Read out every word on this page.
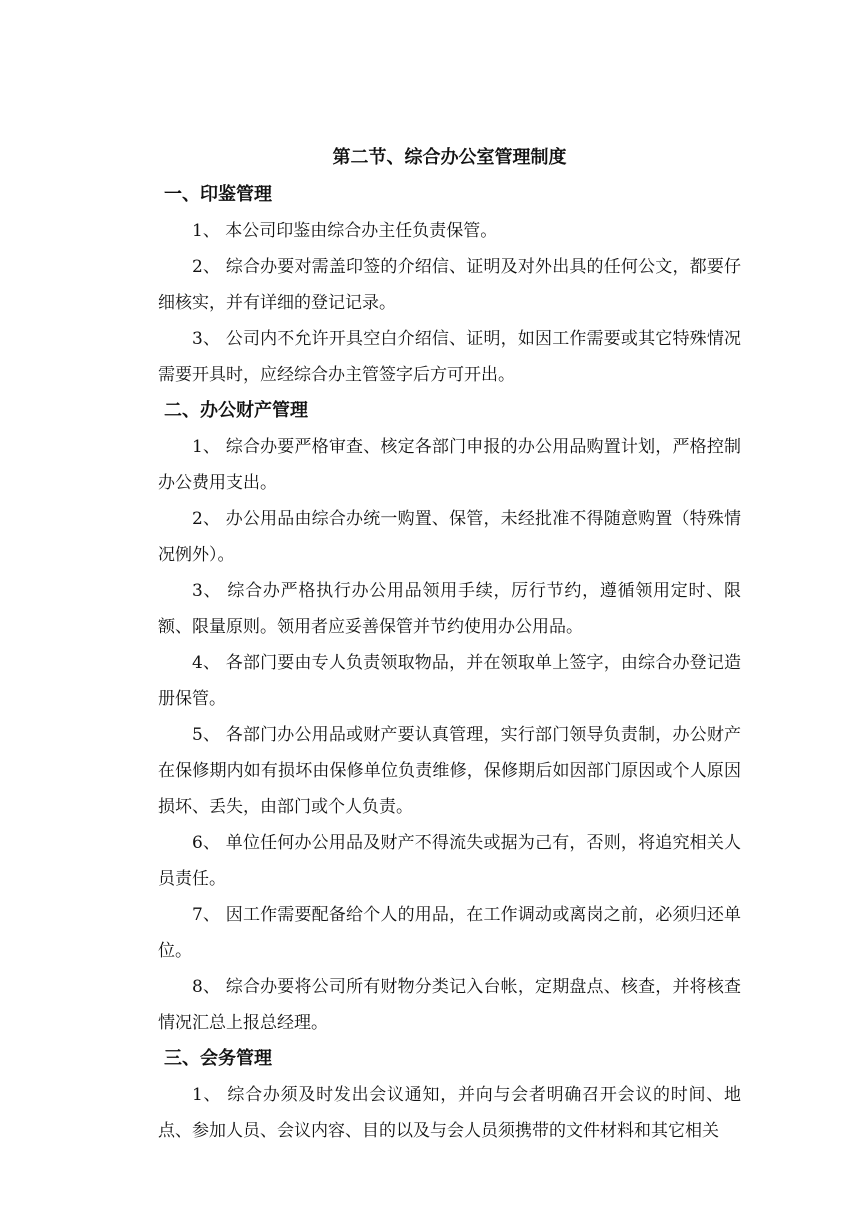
第二节、综合办公室管理制度
一、印鉴管理

1、 本公司印鉴由综合办主任负责保管。

2、 综合办要对需盖印签的介绍信、证明及对外出具的任何公文，都要仔细核实，并有详细的登记记录。

3、 公司内不允许开具空白介绍信、证明，如因工作需要或其它特殊情况需要开具时，应经综合办主管签字后方可开出。

二、办公财产管理

1、 综合办要严格审查、核定各部门申报的办公用品购置计划，严格控制办公费用支出。

2、 办公用品由综合办统一购置、保管，未经批准不得随意购置（特殊情况例外）。

3、 综合办严格执行办公用品领用手续，厉行节约，遵循领用定时、限额、限量原则。领用者应妥善保管并节约使用办公用品。

4、 各部门要由专人负责领取物品，并在领取单上签字，由综合办登记造册保管。

5、 各部门办公用品或财产要认真管理，实行部门领导负责制，办公财产在保修期内如有损坏由保修单位负责维修，保修期后如因部门原因或个人原因损坏、丢失，由部门或个人负责。

6、 单位任何办公用品及财产不得流失或据为己有，否则，将追究相关人员责任。

7、 因工作需要配备给个人的用品，在工作调动或离岗之前，必须归还单位。

8、 综合办要将公司所有财物分类记入台帐，定期盘点、核查，并将核查情况汇总上报总经理。

三、会务管理

1、 综合办须及时发出会议通知，并向与会者明确召开会议的时间、地点、参加人员、会议内容、目的以及与会人员须携带的文件材料和其它相关
